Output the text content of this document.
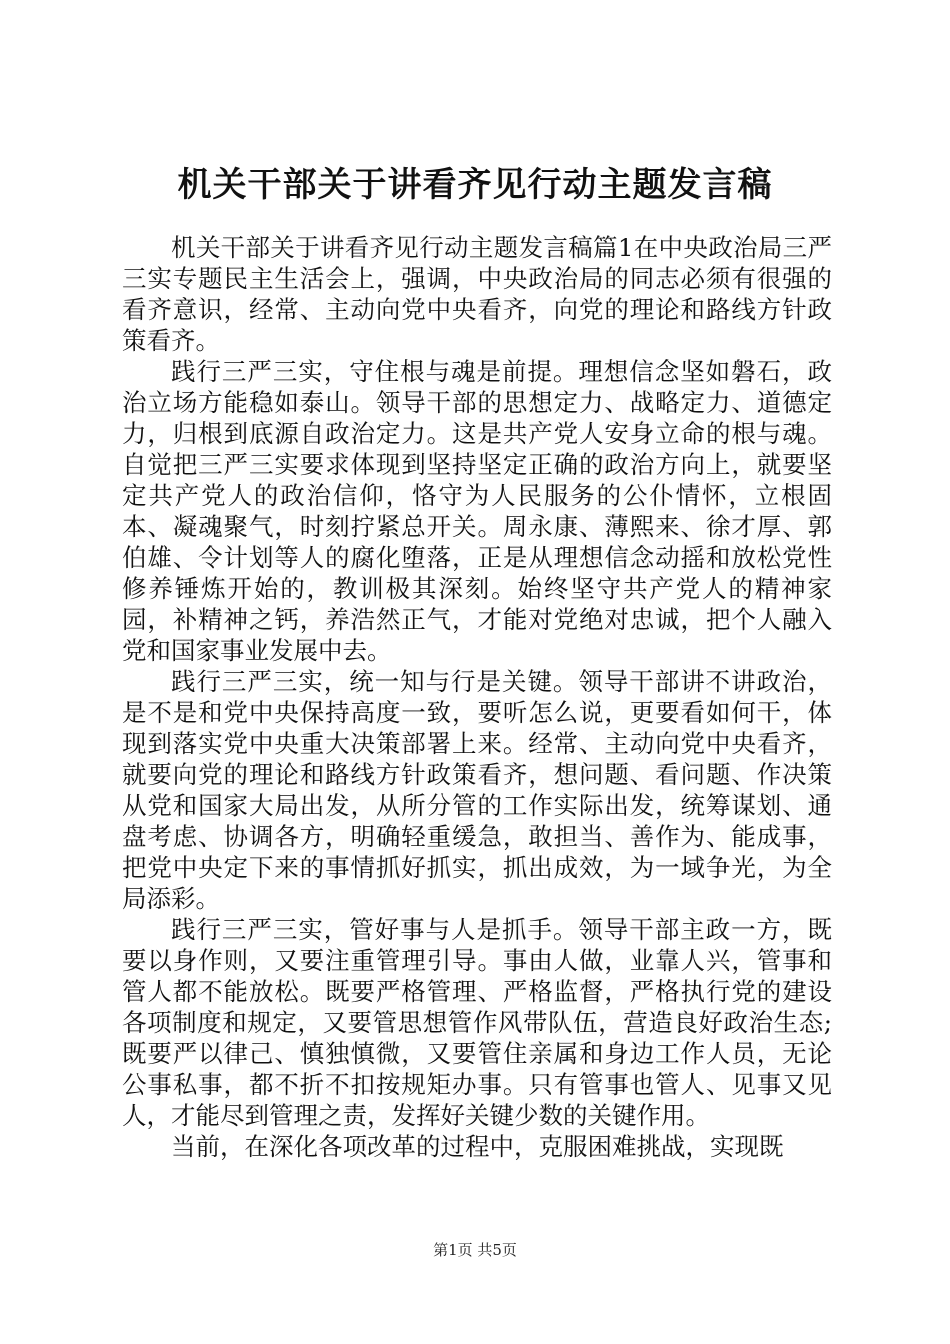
机关干部关于讲看齐见行动主题发言稿

机关干部关于讲看齐见行动主题发言稿篇1在中央政治局三严三实专题民主生活会上，强调，中央政治局的同志必须有很强的看齐意识，经常、主动向党中央看齐，向党的理论和路线方针政策看齐。

践行三严三实，守住根与魂是前提。理想信念坚如磐石，政治立场方能稳如泰山。领导干部的思想定力、战略定力、道德定力，归根到底源自政治定力。这是共产党人安身立命的根与魂。自觉把三严三实要求体现到坚持坚定正确的政治方向上，就要坚定共产党人的政治信仰，恪守为人民服务的公仆情怀，立根固本、凝魂聚气，时刻拧紧总开关。周永康、薄熙来、徐才厚、郭伯雄、令计划等人的腐化堕落，正是从理想信念动摇和放松党性修养锤炼开始的，教训极其深刻。始终坚守共产党人的精神家园，补精神之钙，养浩然正气，才能对党绝对忠诚，把个人融入党和国家事业发展中去。

践行三严三实，统一知与行是关键。领导干部讲不讲政治，是不是和党中央保持高度一致，要听怎么说，更要看如何干，体现到落实党中央重大决策部署上来。经常、主动向党中央看齐，就要向党的理论和路线方针政策看齐，想问题、看问题、作决策从党和国家大局出发，从所分管的工作实际出发，统筹谋划、通盘考虑、协调各方，明确轻重缓急，敢担当、善作为、能成事，把党中央定下来的事情抓好抓实，抓出成效，为一域争光，为全局添彩。

践行三严三实，管好事与人是抓手。领导干部主政一方，既要以身作则，又要注重管理引导。事由人做，业靠人兴，管事和管人都不能放松。既要严格管理、严格监督，严格执行党的建设各项制度和规定，又要管思想管作风带队伍，营造良好政治生态;既要严以律己、慎独慎微，又要管住亲属和身边工作人员，无论公事私事，都不折不扣按规矩办事。只有管事也管人、见事又见人，才能尽到管理之责，发挥好关键少数的关键作用。

当前，在深化各项改革的过程中，克服困难挑战，实现既

第1页 共5页
